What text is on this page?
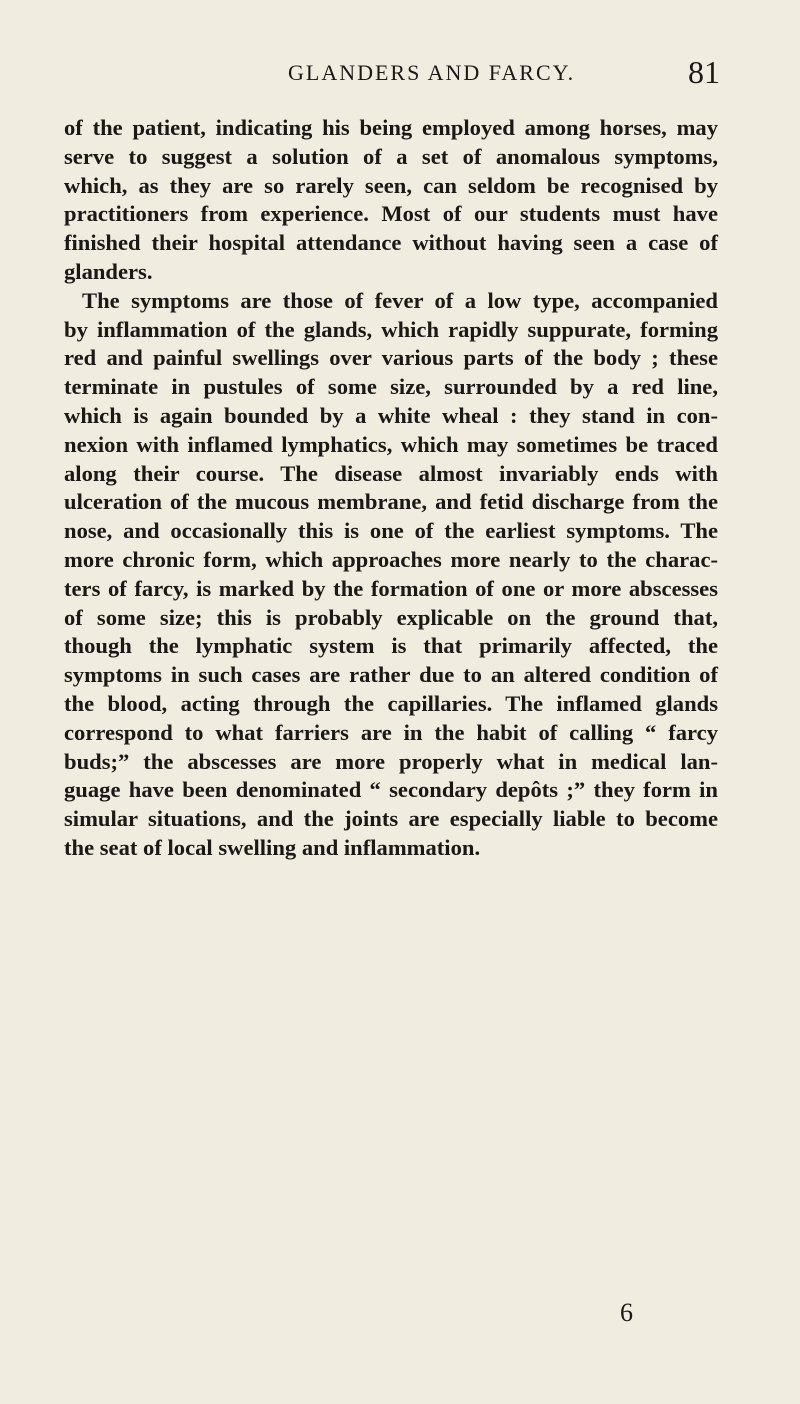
GLANDERS AND FARCY.	81
of the patient, indicating his being employed among horses, may
serve to suggest a solution of a set of anomalous symptoms,
which, as they are so rarely seen, can seldom be recognised by
practitioners from experience. Most of our students must have
finished their hospital attendance without having seen a case of
glanders.
The symptoms are those of fever of a low type, accompanied
by inflammation of the glands, which rapidly suppurate, forming
red and painful swellings over various parts of the body ; these
terminate in pustules of some size, surrounded by a red line,
which is again bounded by a white wheal : they stand in con-
nexion with inflamed lymphatics, which may sometimes be traced
along their course. The disease almost invariably ends with
ulceration of the mucous membrane, and fetid discharge from the
nose, and occasionally this is one of the earliest symptoms. The
more chronic form, which approaches more nearly to the charac-
ters of farcy, is marked by the formation of one or more abscesses
of some size; this is probably explicable on the ground that,
though the lymphatic system is that primarily affected, the
symptoms in such cases are rather due to an altered condition of
the blood, acting through the capillaries. The inflamed glands
correspond to what farriers are in the habit of calling “ farcy
buds;” the abscesses are more properly what in medical lan-
guage have been denominated “ secondary depôts ;” they form in
simular situations, and the joints are especially liable to become
the seat of local swelling and inflammation.
6
